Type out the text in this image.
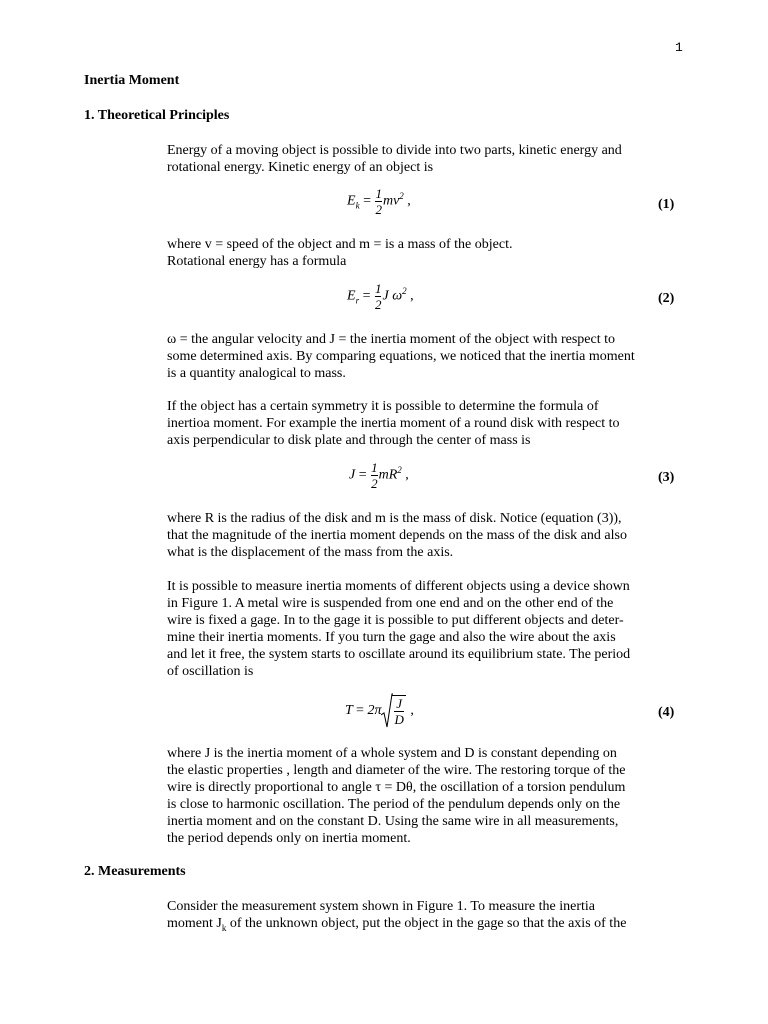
1
Inertia Moment
1. Theoretical Principles

Energy of a moving object is possible to divide into two parts, kinetic energy and
rotational energy. Kinetic energy of an object is

$E_k = \frac{1}{2} mv^2$ ,	(1)

where v = speed of the object and m = is a mass of the object.
Rotational energy has a formula

$E_r = \frac{1}{2}$ J $\omega^2$ ,	(2)

ω = the angular velocity and J = the inertia moment of the object with respect to
some determined axis. By comparing equations, we noticed that the inertia moment
is a quantity analogical to mass.

If the object has a certain symmetry it is possible to determine the formula of
inertioa moment. For example the inertia moment of a round disk with respect to
axis perpendicular to disk plate and through the center of mass is

$J = \frac{1}{2} mR^2$ ,	(3)

where R is the radius of the disk and m is the mass of disk. Notice (equation (3)),
that the magnitude of the inertia moment depends on the mass of the disk and also
what is the displacement of the mass from the axis.

It is possible to measure inertia moments of different objects using a device shown
in Figure 1. A metal wire is suspended from one end and on the other end of the
wire is fixed a gage. In to the gage it is possible to put different objects and deter-
mine their inertia moments. If you turn the gage and also the wire about the axis
and let it free, the system starts to oscillate around its equilibrium state. The period
of oscillation is

$T = 2\pi \frac{J}{D}$ ,	(4)

where J is the inertia moment of a whole system and D is constant depending on
the elastic properties , length and diameter of the wire. The restoring torque of the
wire is directly proportional to angle τ = Dθ, the oscillation of a torsion pendulum
is close to harmonic oscillation. The period of the pendulum depends only on the
inertia moment and on the constant D. Using the same wire in all measurements,
the period depends only on inertia moment.

2. Measurements

Consider the measurement system shown in Figure 1. To measure the inertia
moment $J_k$ of the unknown object, put the object in the gage so that the axis of the
